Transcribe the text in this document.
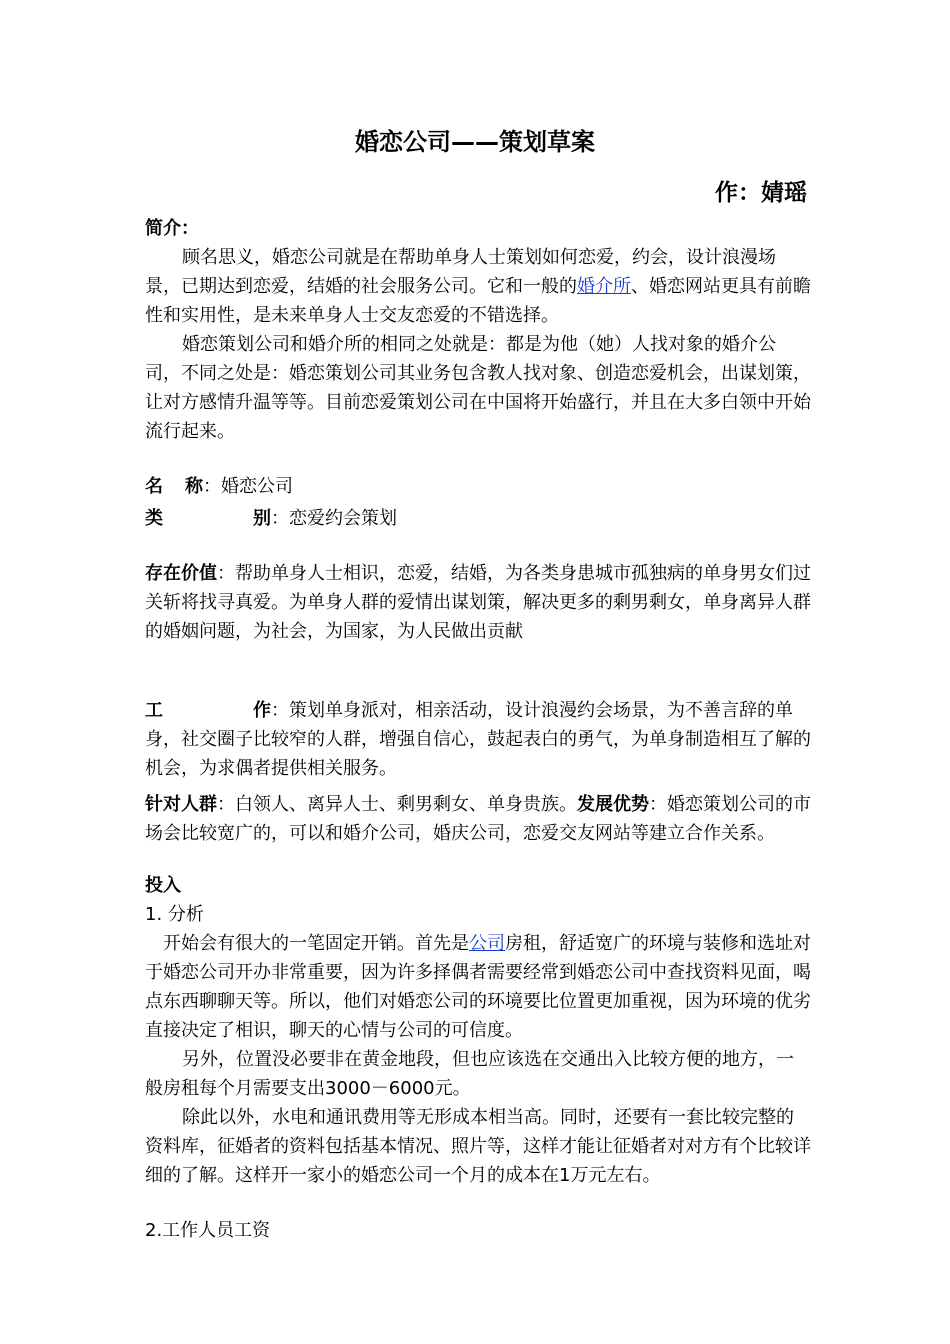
婚恋公司——策划草案
作：婧瑶

简介：

顾名思义，婚恋公司就是在帮助单身人士策划如何恋爱，约会，设计浪漫场景，已期达到恋爱，结婚的社会服务公司。它和一般的婚介所、婚恋网站更具有前瞻性和实用性，是未来单身人士交友恋爱的不错选择。

婚恋策划公司和婚介所的相同之处就是：都是为他（她）人找对象的婚介公司，不同之处是：婚恋策划公司其业务包含教人找对象、创造恋爱机会，出谋划策，让对方感情升温等等。目前恋爱策划公司在中国将开始盛行，并且在大多白领中开始流行起来。

名 称：婚恋公司

类	别：恋爱约会策划

存在价值：帮助单身人士相识，恋爱，结婚，为各类身患城市孤独病的单身男女们过关斩将找寻真爱。为单身人群的爱情出谋划策，解决更多的剩男剩女，单身离异人群的婚姻问题，为社会，为国家，为人民做出贡献

工	作：策划单身派对，相亲活动，设计浪漫约会场景，为不善言辞的单身，社交圈子比较窄的人群，增强自信心，鼓起表白的勇气，为单身制造相互了解的机会，为求偶者提供相关服务。

针对人群：白领人、离异人士、剩男剩女、单身贵族。发展优势：婚恋策划公司的市场会比较宽广的，可以和婚介公司，婚庆公司，恋爱交友网站等建立合作关系。

投入

1. 分析

开始会有很大的一笔固定开销。首先是公司房租，舒适宽广的环境与装修和选址对于婚恋公司开办非常重要，因为许多择偶者需要经常到婚恋公司中查找资料见面，喝点东西聊聊天等。所以，他们对婚恋公司的环境要比位置更加重视，因为环境的优劣直接决定了相识，聊天的心情与公司的可信度。

另外，位置没必要非在黄金地段，但也应该选在交通出入比较方便的地方，一般房租每个月需要支出3000－6000元。

除此以外，水电和通讯费用等无形成本相当高。同时，还要有一套比较完整的资料库，征婚者的资料包括基本情况、照片等，这样才能让征婚者对对方有个比较详细的了解。这样开一家小的婚恋公司一个月的成本在1万元左右。

2.工作人员工资
